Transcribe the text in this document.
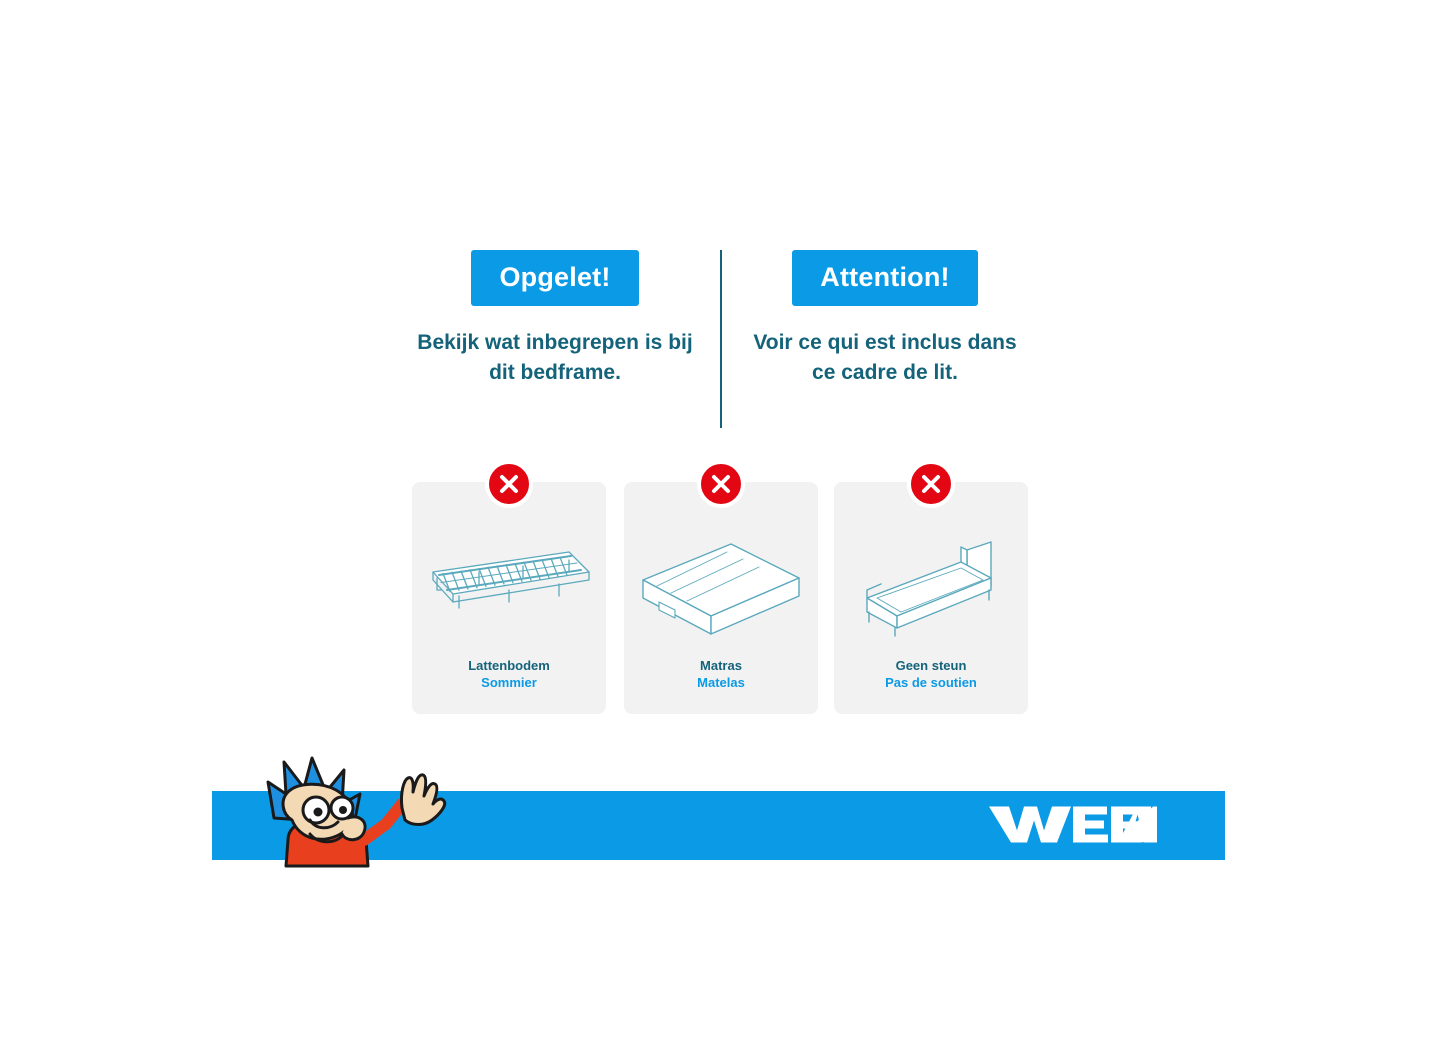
Opgelet!
Bekijk wat inbegrepen is bij dit bedframe.
Attention!
Voir ce qui est inclus dans ce cadre de lit.
Lattenbodem
Sommier
Matras
Matelas
Geen steun
Pas de soutien
